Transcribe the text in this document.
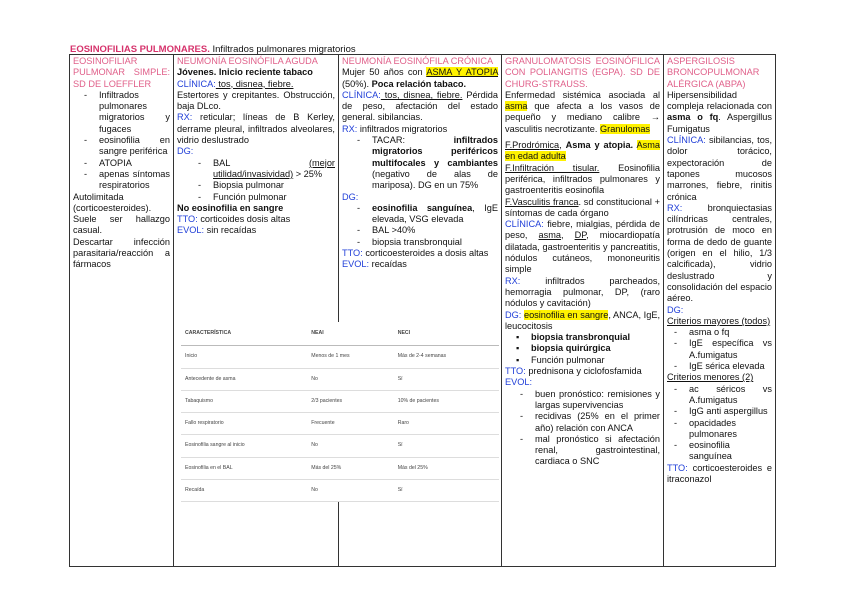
EOSINOFILIAS PULMONARES. Infiltrados pulmonares migratorios
EOSINOFILIAR PULMONAR SIMPLE: SD DE LOEFFLER
- Infiltrados pulmonares migratorios y fugaces
- eosinofilia en sangre periférica
- ATOPIA
- apenas síntomas respiratorios

Autolimitada (corticoesteroides). Suele ser hallazgo casual.

Descartar infección parasitaria/reacción a fármacos

NEUMONÍA EOSINÓFILA AGUDA

Jóvenes. Inicio reciente tabaco

CLÍNICA: tos, disnea, fiebre.

Estertores y crepitantes. Obstrucción, baja DLco.

RX: reticular; líneas de B Kerley, derrame pleural, infiltrados alveolares, vidrio deslustrado

DG:

- BAL (mejor utilidad/invasividad) > 25%
- Biopsia pulmonar
- Función pulmonar

No eosinofilia en sangre

TTO: corticoides dosis altas

EVOL: sin recaídas

NEUMONÍA EOSINÓFILA CRÓNICA

Mujer 50 años con ASMA Y ATOPIA (50%). Poca relación tabaco.

CLÍNICA: tos, disnea, fiebre. Pérdida de peso, afectación del estado general. sibilancias.

RX: infiltrados migratorios

- TACAR: infiltrados migratorios periféricos multifocales y cambiantes (negativo de alas de mariposa). DG en un 75%

DG:

- eosinofilia sanguínea, IgE elevada, VSG elevada
- BAL >40%
- biopsia transbronquial

TTO: corticoesteroides a dosis altas

EVOL: recaídas

GRANULOMATOSIS EOSINÓFILICA CON POLIANGITIS (EGPA). SD DE CHURG-STRAUSS.

Enfermedad sistémica asociada al asma que afecta a los vasos de pequeño y mediano calibre → vasculitis necrotizante. Granulomas

F.Prodrómica, Asma y atopia. Asma en edad adulta

F.Infiltración tisular. Eosinofilia periférica, infiltrados pulmonares y gastroenteritis eosinofila

F.Vasculitis franca. sd constitucional + síntomas de cada órgano

CLÍNICA: fiebre, mialgias, pérdida de peso, asma, DP, miocardiopatía dilatada, gastroenteritis y pancreatitis, nódulos cutáneos, mononeuritis simple

RX: infiltrados parcheados, hemorragia pulmonar, DP, (raro nódulos y cavitación)

DG: eosinofilia en sangre, ANCA, IgE, leucocitosis

▪ biopsia transbronquial
▪ biopsia quirúrgica
▪ Función pulmonar

TTO: prednisona y ciclofosfamida

EVOL:

- buen pronóstico: remisiones y largas supervivencias
- recidivas (25% en el primer año) relación con ANCA
- mal pronóstico si afectación renal, gastrointestinal, cardiaca o SNC
ASPERGILOSIS BRONCOPULMONAR ALÉRGICA (ABPA)

Hipersensibilidad compleja relacionada con asma o fq. Aspergillus Fumigatus

CLÍNICA: sibilancias, tos, dolor torácico, expectoración de tapones mucosos marrones, fiebre, rinitis crónica

RX: bronquiectasias cilíndricas centrales, protrusión de moco en forma de dedo de guante (origen en el hilio, 1/3 calcificada), vidrio deslustrado y consolidación del espacio aéreo.

DG:

Criterios mayores (todos)

- asma o fq
- IgE específica vs A.fumigatus
- IgE sérica elevada

Criterios menores (2)

- ac séricos vs A.fumigatus
- IgG anti aspergillus
- opacidades pulmonares
- eosinofilia sanguínea

TTO: corticoesteroides e itraconazol

CARACTERÍSTICA	NEAI	NECI
Inicio	Menos de 1 mes	Más de 2-4 semanas
Antecedente de asma	No	Sí
Tabaquismo	2/3 pacientes	10% de pacientes
Fallo respiratorio	Frecuente	Raro
Eosinofilia sangre al inicio	No	Sí
Eosinofilia en el BAL	Más del 25%	Más del 25%
Recaída	No	Sí
